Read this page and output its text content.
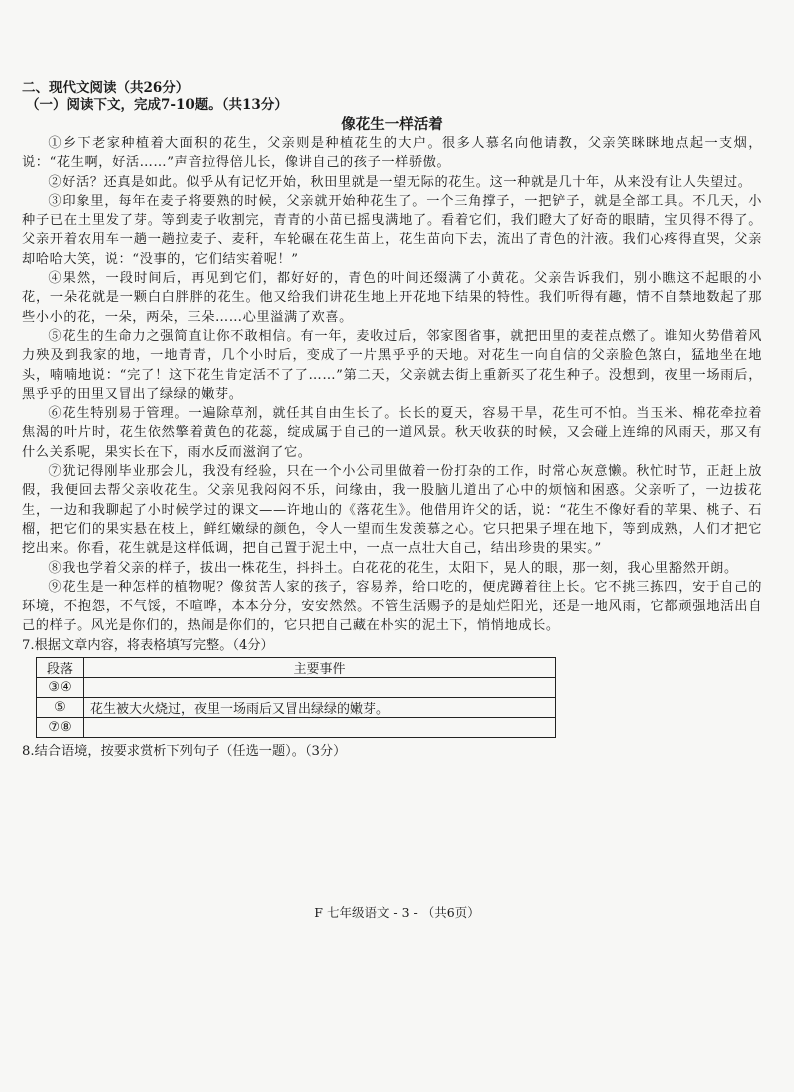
二、现代文阅读（共26分）
（一）阅读下文，完成7-10题。（共13分）
像花生一样活着

①乡下老家种植着大面积的花生，父亲则是种植花生的大户。很多人慕名向他请教，父亲笑眯眯地点起一支烟，说：“花生啊，好活……”声音拉得倍儿长，像讲自己的孩子一样骄傲。

②好活？还真是如此。似乎从有记忆开始，秋田里就是一望无际的花生。这一种就是几十年，从来没有让人失望过。

③印象里，每年在麦子将要熟的时候，父亲就开始种花生了。一个三角撑子，一把铲子，就是全部工具。不几天，小种子已在土里发了芽。等到麦子收割完，青青的小苗已摇曳满地了。看着它们，我们瞪大了好奇的眼睛，宝贝得不得了。父亲开着农用车一趟一趟拉麦子、麦秆，车轮碾在花生苗上，花生苗向下去，流出了青色的汁液。我们心疼得直哭，父亲却哈哈大笑，说：“没事的，它们结实着呢！”

④果然，一段时间后，再见到它们，都好好的，青色的叶间还缀满了小黄花。父亲告诉我们，别小瞧这不起眼的小花，一朵花就是一颗白白胖胖的花生。他又给我们讲花生地上开花地下结果的特性。我们听得有趣，情不自禁地数起了那些小小的花，一朵，两朵，三朵……心里溢满了欢喜。

⑤花生的生命力之强简直让你不敢相信。有一年，麦收过后，邻家图省事，就把田里的麦茬点燃了。谁知火势借着风力殃及到我家的地，一地青青，几个小时后，变成了一片黑乎乎的天地。对花生一向自信的父亲脸色煞白，猛地坐在地头，喃喃地说：“完了！这下花生肯定活不了了……”第二天，父亲就去街上重新买了花生种子。没想到，夜里一场雨后，黑乎乎的田里又冒出了绿绿的嫩芽。

⑥花生特别易于管理。一遍除草剂，就任其自由生长了。长长的夏天，容易干旱，花生可不怕。当玉米、棉花牵拉着焦渴的叶片时，花生依然擎着黄色的花蕊，绽成属于自己的一道风景。秋天收获的时候，又会碰上连绵的风雨天，那又有什么关系呢，果实长在下，雨水反而滋润了它。

⑦犹记得刚毕业那会儿，我没有经验，只在一个小公司里做着一份打杂的工作，时常心灰意懒。秋忙时节，正赶上放假，我便回去帮父亲收花生。父亲见我闷闷不乐，问缘由，我一股脑儿道出了心中的烦恼和困惑。父亲听了，一边拔花生，一边和我聊起了小时候学过的课文——许地山的《落花生》。他借用许父的话，说：“花生不像好看的苹果、桃子、石榴，把它们的果实悬在枝上，鲜红嫩绿的颜色，令人一望而生发羡慕之心。它只把果子埋在地下，等到成熟，人们才把它挖出来。你看，花生就是这样低调，把自己置于泥土中，一点一点壮大自己，结出珍贵的果实。”

⑧我也学着父亲的样子，拔出一株花生，抖抖土。白花花的花生，太阳下，晃人的眼，那一刻，我心里豁然开朗。

⑨花生是一种怎样的植物呢？像贫苦人家的孩子，容易养，给口吃的，便虎蹲着往上长。它不挑三拣四，安于自己的环境，不抱怨，不气馁，不喧哗，本本分分，安安然然。不管生活赐予的是灿烂阳光，还是一地风雨，它都顽强地活出自己的样子。风光是你们的，热闹是你们的，它只把自己藏在朴实的泥土下，悄悄地成长。

7.根据文章内容，将表格填写完整。（4分）

段落	主要事件
③④	
⑤	花生被大火烧过，夜里一场雨后又冒出绿绿的嫩芽。
⑦⑧	

8.结合语境，按要求赏析下列句子（任选一题）。（3分）

F 七年级语文 - 3 - （共6页）
